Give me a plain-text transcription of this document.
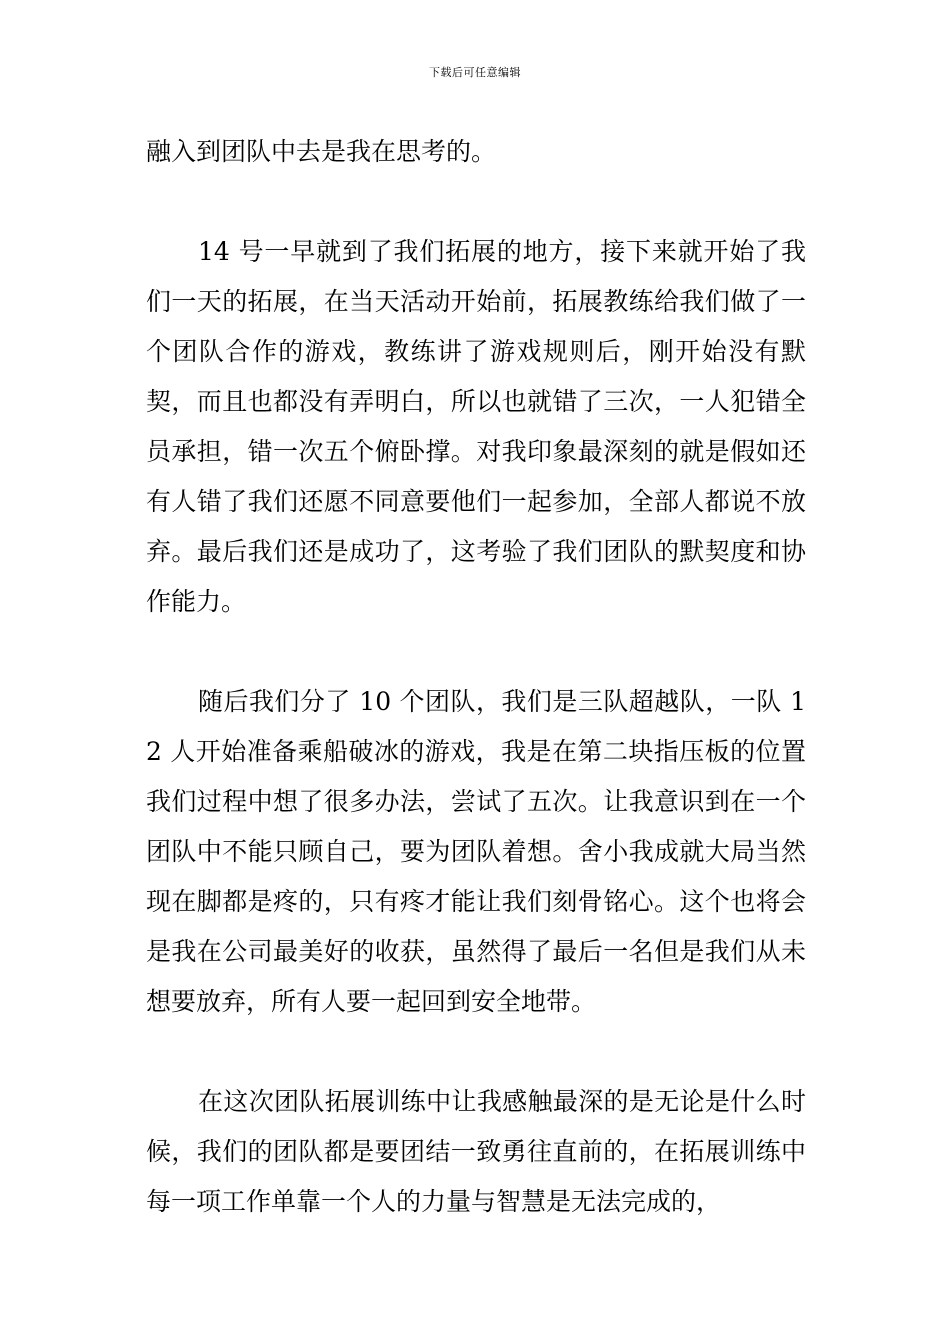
下载后可任意编辑

融入到团队中去是我在思考的。

14 号一早就到了我们拓展的地方，接下来就开始了我们一天的拓展，在当天活动开始前，拓展教练给我们做了一个团队合作的游戏，教练讲了游戏规则后，刚开始没有默契，而且也都没有弄明白，所以也就错了三次，一人犯错全员承担，错一次五个俯卧撑。对我印象最深刻的就是假如还有人错了我们还愿不同意要他们一起参加，全部人都说不放弃。最后我们还是成功了，这考验了我们团队的默契度和协作能力。

随后我们分了 10 个团队，我们是三队超越队，一队 12 人开始准备乘船破冰的游戏，我是在第二块指压板的位置我们过程中想了很多办法，尝试了五次。让我意识到在一个团队中不能只顾自己，要为团队着想。舍小我成就大局当然现在脚都是疼的，只有疼才能让我们刻骨铭心。这个也将会是我在公司最美好的收获，虽然得了最后一名但是我们从未想要放弃，所有人要一起回到安全地带。

在这次团队拓展训练中让我感触最深的是无论是什么时候，我们的团队都是要团结一致勇往直前的，在拓展训练中每一项工作单靠一个人的力量与智慧是无法完成的，
